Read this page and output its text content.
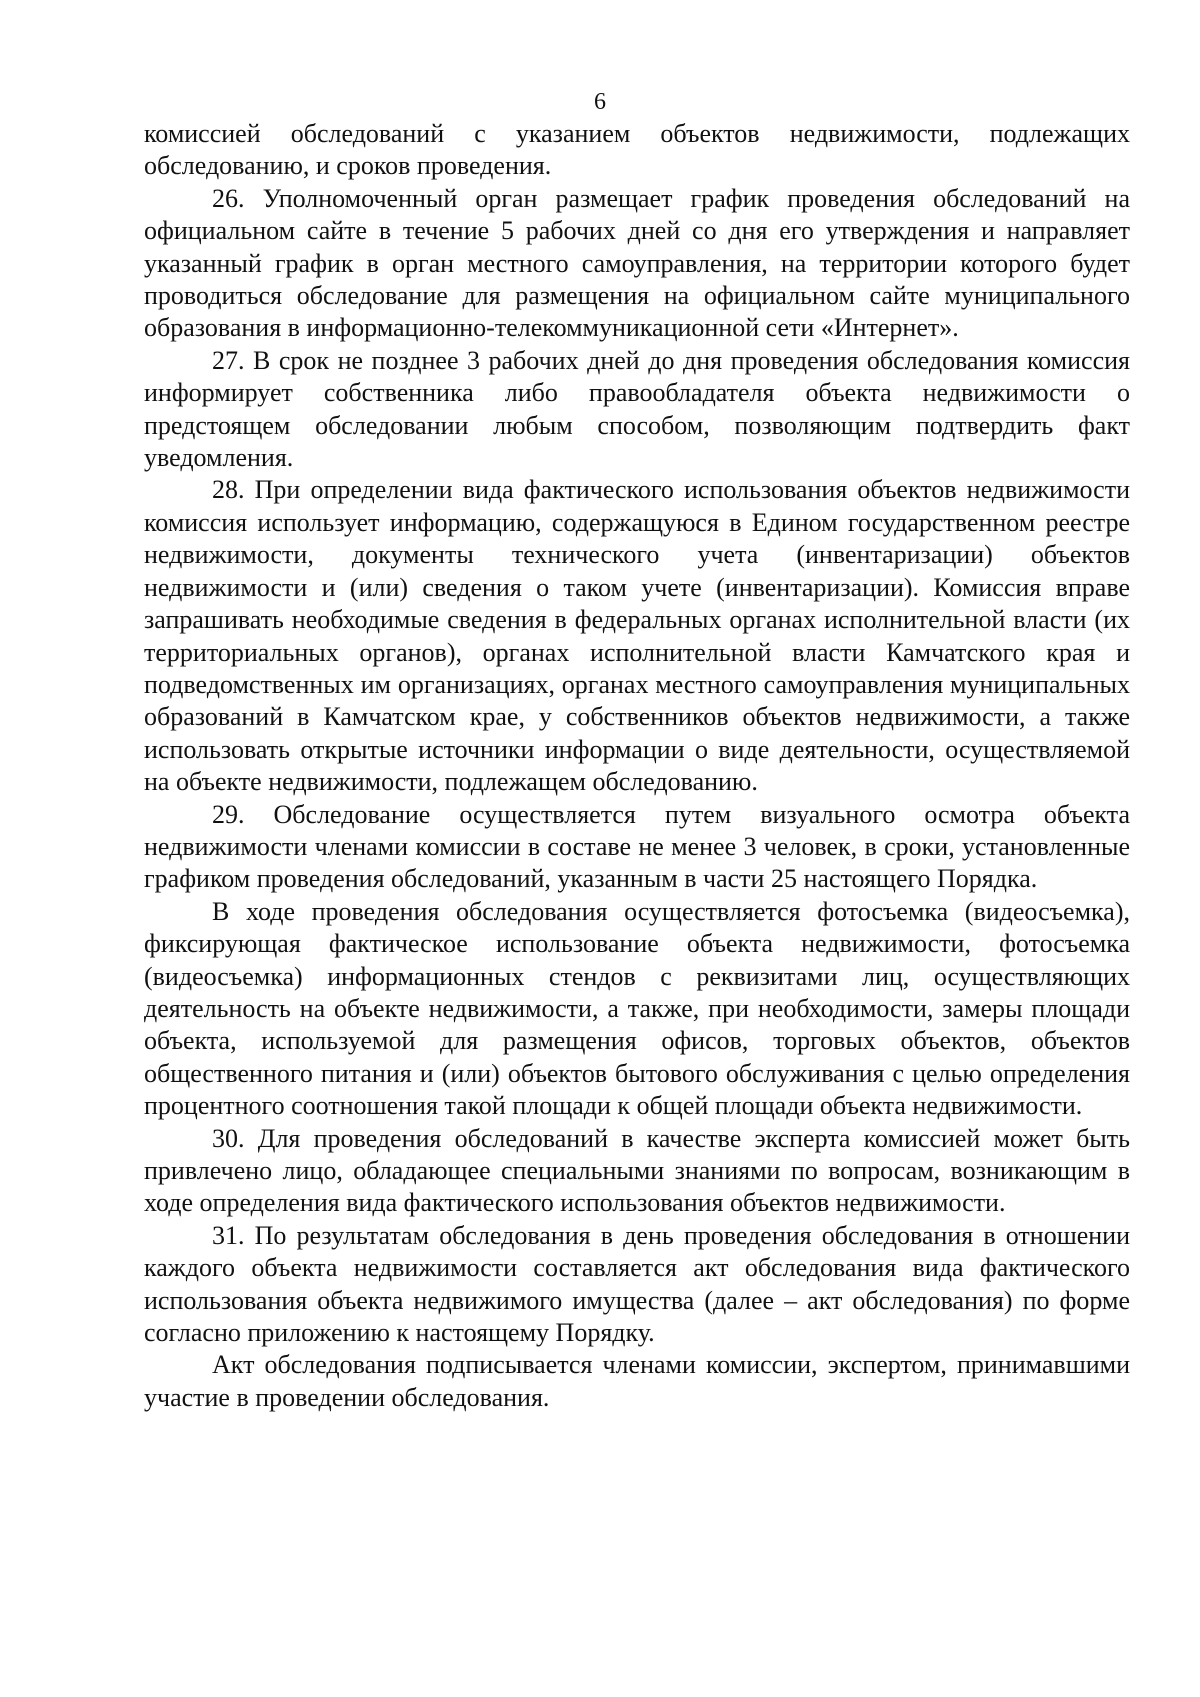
6

комиссией обследований с указанием объектов недвижимости, подлежащих обследованию, и сроков проведения.

26. Уполномоченный орган размещает график проведения обследований на официальном сайте в течение 5 рабочих дней со дня его утверждения и направляет указанный график в орган местного самоуправления, на территории которого будет проводиться обследование для размещения на официальном сайте муниципального образования в информационно-телекоммуникационной сети «Интернет».

27. В срок не позднее 3 рабочих дней до дня проведения обследования комиссия информирует собственника либо правообладателя объекта недвижимости о предстоящем обследовании любым способом, позволяющим подтвердить факт уведомления.

28. При определении вида фактического использования объектов недвижимости комиссия использует информацию, содержащуюся в Едином государственном реестре недвижимости, документы технического учета (инвентаризации) объектов недвижимости и (или) сведения о таком учете (инвентаризации). Комиссия вправе запрашивать необходимые сведения в федеральных органах исполнительной власти (их территориальных органов), органах исполнительной власти Камчатского края и подведомственных им организациях, органах местного самоуправления муниципальных образований в Камчатском крае, у собственников объектов недвижимости, а также использовать открытые источники информации о виде деятельности, осуществляемой на объекте недвижимости, подлежащем обследованию.

29. Обследование осуществляется путем визуального осмотра объекта недвижимости членами комиссии в составе не менее 3 человек, в сроки, установленные графиком проведения обследований, указанным в части 25 настоящего Порядка.

В ходе проведения обследования осуществляется фотосъемка (видеосъемка), фиксирующая фактическое использование объекта недвижимости, фотосъемка (видеосъемка) информационных стендов с реквизитами лиц, осуществляющих деятельность на объекте недвижимости, а также, при необходимости, замеры площади объекта, используемой для размещения офисов, торговых объектов, объектов общественного питания и (или) объектов бытового обслуживания с целью определения процентного соотношения такой площади к общей площади объекта недвижимости.

30. Для проведения обследований в качестве эксперта комиссией может быть привлечено лицо, обладающее специальными знаниями по вопросам, возникающим в ходе определения вида фактического использования объектов недвижимости.

31. По результатам обследования в день проведения обследования в отношении каждого объекта недвижимости составляется акт обследования вида фактического использования объекта недвижимого имущества (далее – акт обследования) по форме согласно приложению к настоящему Порядку.

Акт обследования подписывается членами комиссии, экспертом, принимавшими участие в проведении обследования.
